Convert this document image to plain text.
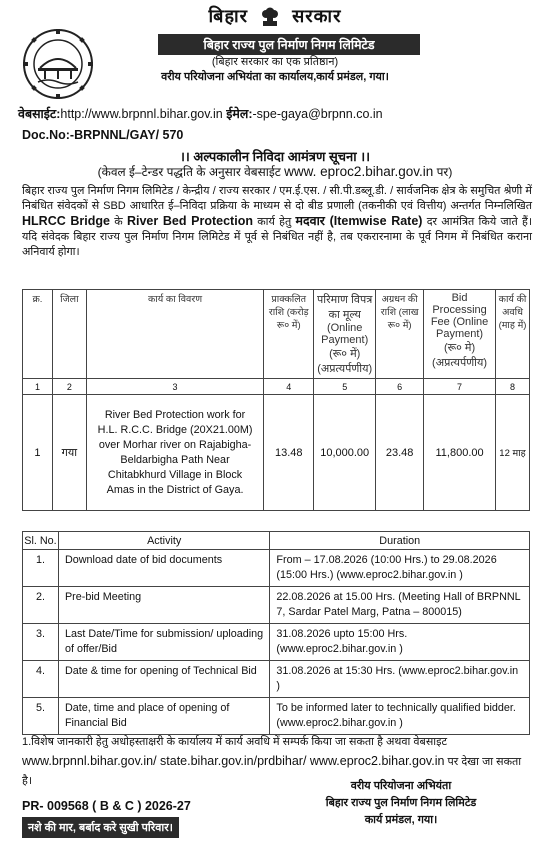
बिहार सरकार
बिहार राज्य पुल निर्माण निगम लिमिटेड
(बिहार सरकार का एक प्रतिष्ठान)
वरीय परियोजना अभियंता का कार्यालय,कार्य प्रमंडल, गया।
वेबसाईट:http://www.brpnnl.bihar.gov.in ईमेल:-spe-gaya@brpnn.co.in
Doc.No:-BRPNNL/GAY/ 570
।। अल्पकालीन निविदा आमंत्रण सूचना ।।
(केवल ई–टेन्डर पद्धति के अनुसार वेबसाईट www. eproc2.bihar.gov.in पर)
बिहार राज्य पुल निर्माण निगम लिमिटेड / केन्द्रीय / राज्य सरकार / एम.ई.एस. / सी.पी.डब्लू.डी. / सार्वजनिक क्षेत्र के समुचित श्रेणी में निबंधित संवेदकों से SBD आधारित ई–निविदा प्रक्रिया के माध्यम से दो बीड प्रणाली (तकनीकी एवं वित्तीय) अन्तर्गत निम्नलिखित HLRCC Bridge के River Bed Protection कार्य हेतु मदवार (Itemwise Rate) दर आमंत्रित किये जाते हैं। यदि संवेदक बिहार राज्य पुल निर्माण निगम लिमिटेड में पूर्व से निबंधित नहीं है, तब एकरारनामा के पूर्व निगम में निबंधित कराना अनिवार्य होगा।
क्र.	जिला	कार्य का विवरण	प्राक्कलित राशि (करोड़ रू० में)	परिमाण विपत्र का मूल्य (Online Payment) (रू० में) (अप्रत्यर्पणीय)	अग्रधन की राशि (लाख रू० में)	Bid Processing Fee (Online Payment) (रू० मे) (अप्रत्यर्पणीय)	कार्य की अवधि (माह में)
1	2	3	4	5	6	7	8
1	गया	River Bed Protection work for H.L. R.C.C. Bridge (20X21.00M) over Morhar river on Rajabigha-Beldarbigha Path Near Chitabkhurd Village in Block Amas in the District of Gaya.	13.48	10,000.00	23.48	11,800.00	12 माह
Sl. No.	Activity	Duration
1.	Download date of bid documents	From – 17.08.2026 (10:00 Hrs.) to 29.08.2026 (15:00 Hrs.) (www.eproc2.bihar.gov.in )
2.	Pre-bid Meeting	22.08.2026 at 15.00 Hrs. (Meeting Hall of BRPNNL 7, Sardar Patel Marg, Patna – 800015)
3.	Last Date/Time for submission/ uploading of offer/Bid	31.08.2026 upto 15:00 Hrs. (www.eproc2.bihar.gov.in )
4.	Date & time for opening of Technical Bid	31.08.2026 at 15:30 Hrs. (www.eproc2.bihar.gov.in )
5.	Date, time and place of opening of Financial Bid	To be informed later to technically qualified bidder. (www.eproc2.bihar.gov.in )
1.विशेष जानकारी हेतु अधोहस्ताक्षरी के कार्यालय में कार्य अवधि में सम्पर्क किया जा सकता है अथवा वेबसाइट www.brpnnl.bihar.gov.in/ state.bihar.gov.in/prdbihar/ www.eproc2.bihar.gov.in पर देखा जा सकता है।	वरीय परियोजना अभियंता
बिहार राज्य पुल निर्माण निगम लिमिटेड
कार्य प्रमंडल, गया।
PR- 009568 ( B & C ) 2026-27
नशे की मार, बर्बाद करे सुखी परिवार।
